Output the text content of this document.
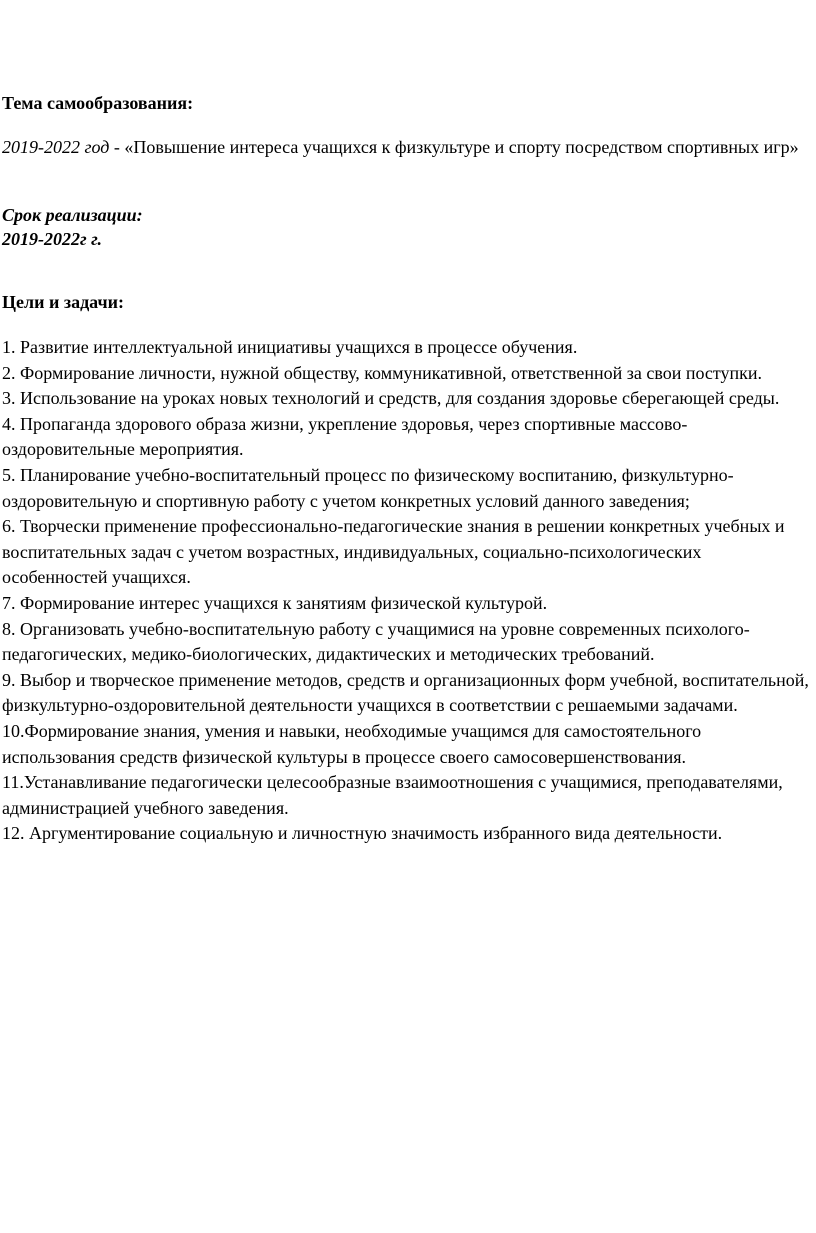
Тема самообразования:
2019-2022 год - «Повышение интереса учащихся к физкультуре и спорту посредством спортивных игр»
Срок реализации:
2019-2022г г.
Цели и задачи:
1. Развитие интеллектуальной инициативы учащихся в процессе обучения.
2. Формирование личности, нужной обществу, коммуникативной, ответственной за свои поступки.
3. Использование на уроках новых технологий и средств, для создания здоровье сберегающей среды.
4. Пропаганда здорового образа жизни, укрепление здоровья, через спортивные массово-оздоровительные мероприятия.
5. Планирование учебно-воспитательный процесс по физическому воспитанию, физкультурно-оздоровительную и спортивную работу с учетом конкретных условий данного заведения;
6. Творчески применение профессионально-педагогические знания в решении конкретных учебных и воспитательных задач с учетом возрастных, индивидуальных, социально-психологических особенностей учащихся.
7. Формирование интерес учащихся к занятиям физической культурой.
8. Организовать учебно-воспитательную работу с учащимися на уровне современных психолого-педагогических, медико-биологических, дидактических и методических требований.
9. Выбор и творческое применение методов, средств и организационных форм учебной, воспитательной, физкультурно-оздоровительной деятельности учащихся в соответствии с решаемыми задачами.
10.Формирование знания, умения и навыки, необходимые учащимся для самостоятельного использования средств физической культуры в процессе своего самосовершенствования.
11.Устанавливание педагогически целесообразные взаимоотношения с учащимися, преподавателями, администрацией учебного заведения.
12. Аргументирование социальную и личностную значимость избранного вида деятельности.
